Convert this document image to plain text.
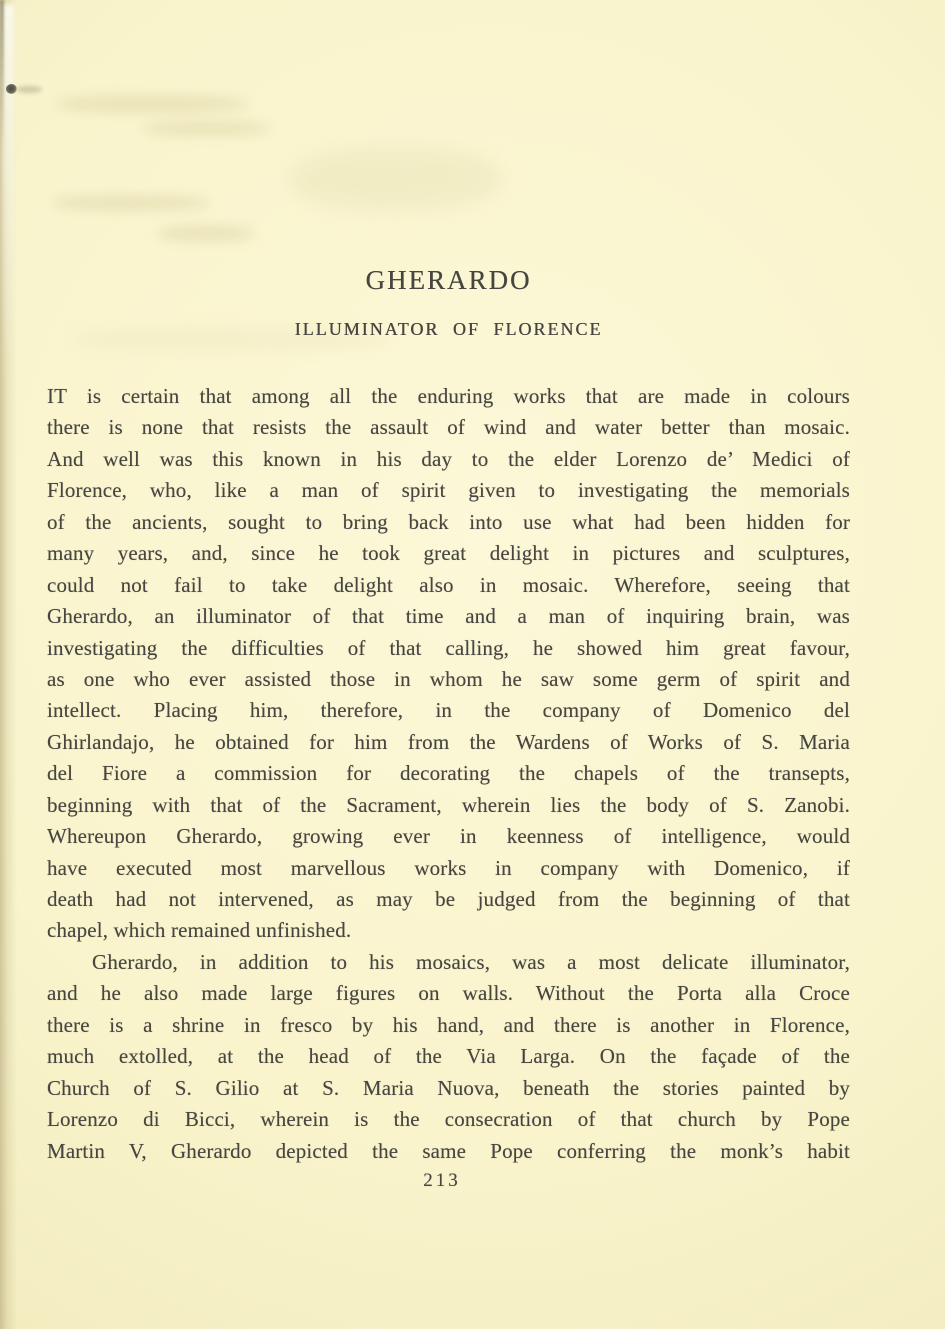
GHERARDO
ILLUMINATOR OF FLORENCE
IT is certain that among all the enduring works that are made in colours
there is none that resists the assault of wind and water better than mosaic.
And well was this known in his day to the elder Lorenzo de’ Medici of
Florence, who, like a man of spirit given to investigating the memorials
of the ancients, sought to bring back into use what had been hidden for
many years, and, since he took great delight in pictures and sculptures,
could not fail to take delight also in mosaic. Wherefore, seeing that
Gherardo, an illuminator of that time and a man of inquiring brain, was
investigating the difficulties of that calling, he showed him great favour,
as one who ever assisted those in whom he saw some germ of spirit and
intellect. Placing him, therefore, in the company of Domenico del
Ghirlandajo, he obtained for him from the Wardens of Works of S. Maria
del Fiore a commission for decorating the chapels of the transepts,
beginning with that of the Sacrament, wherein lies the body of S. Zanobi.
Whereupon Gherardo, growing ever in keenness of intelligence, would
have executed most marvellous works in company with Domenico, if
death had not intervened, as may be judged from the beginning of that
chapel, which remained unfinished.
Gherardo, in addition to his mosaics, was a most delicate illuminator,
and he also made large figures on walls. Without the Porta alla Croce
there is a shrine in fresco by his hand, and there is another in Florence,
much extolled, at the head of the Via Larga. On the façade of the
Church of S. Gilio at S. Maria Nuova, beneath the stories painted by
Lorenzo di Bicci, wherein is the consecration of that church by Pope
Martin V, Gherardo depicted the same Pope conferring the monk’s habit
213
